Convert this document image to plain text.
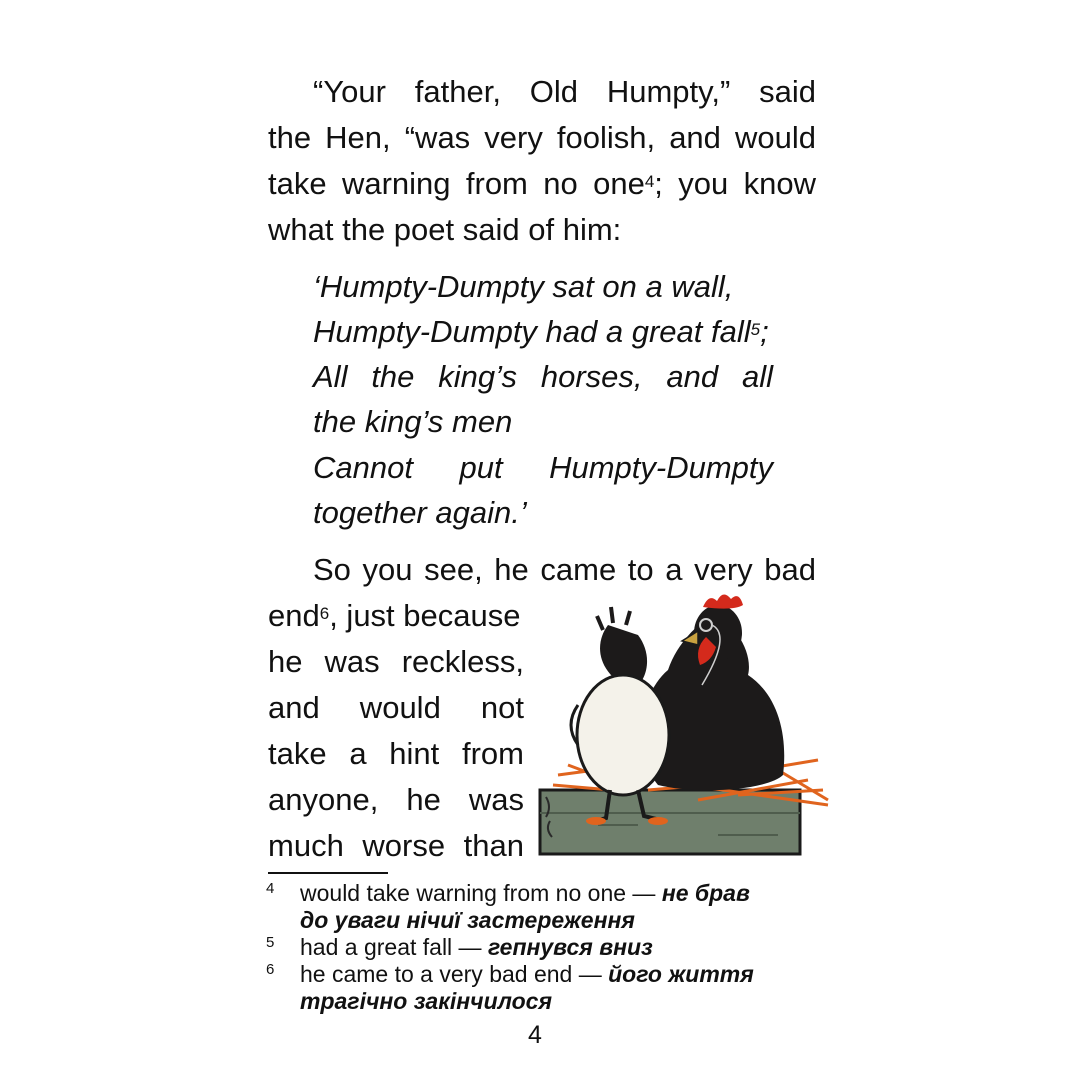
“Your father, Old Humpty,” said
the Hen, “was very foolish, and would
take warning from no one$^4$; you know
what the poet said of him:
‘Humpty-Dumpty sat on a wall,
Humpty-Dumpty had a great fall$^5$;
All the king’s horses, and all
the king’s men
Cannot put Humpty-Dumpty
together again.’
So you see, he came to a very bad
end$^6$, just because
he was reckless,
and would not
take a hint from
anyone, he was
much worse than
4 would take warning from no one — не брав
до уваги нічиї застереження
5 had a great fall — гепнувся вниз
6 he came to a very bad end — його життя
трагічно закінчилося
4
